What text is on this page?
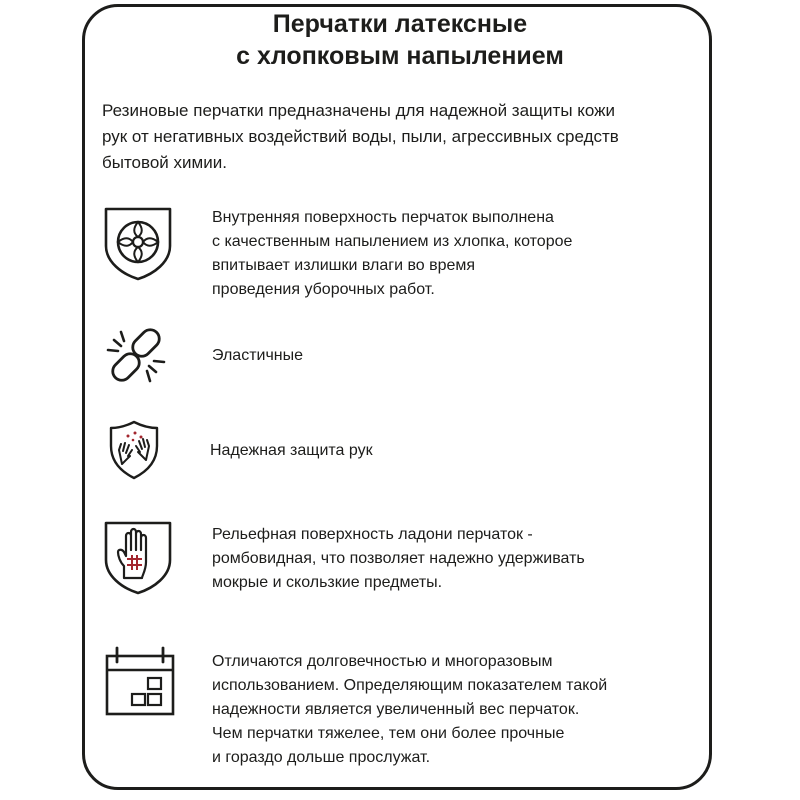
Перчатки латексные
с хлопковым напылением
Резиновые перчатки предназначены для надежной защиты кожи
рук от негативных воздействий воды, пыли, агрессивных средств
бытовой химии.
Внутренняя поверхность перчаток выполнена
с качественным напылением из хлопка, которое
впитывает излишки влаги во время
проведения уборочных работ.
Эластичные
Надежная защита рук
Рельефная поверхность ладони перчаток -
ромбовидная, что позволяет надежно удерживать
мокрые и скользкие предметы.
Отличаются долговечностью и многоразовым
использованием. Определяющим показателем такой
надежности является увеличенный вес перчаток.
Чем перчатки тяжелее, тем они более прочные
и гораздо дольше прослужат.
